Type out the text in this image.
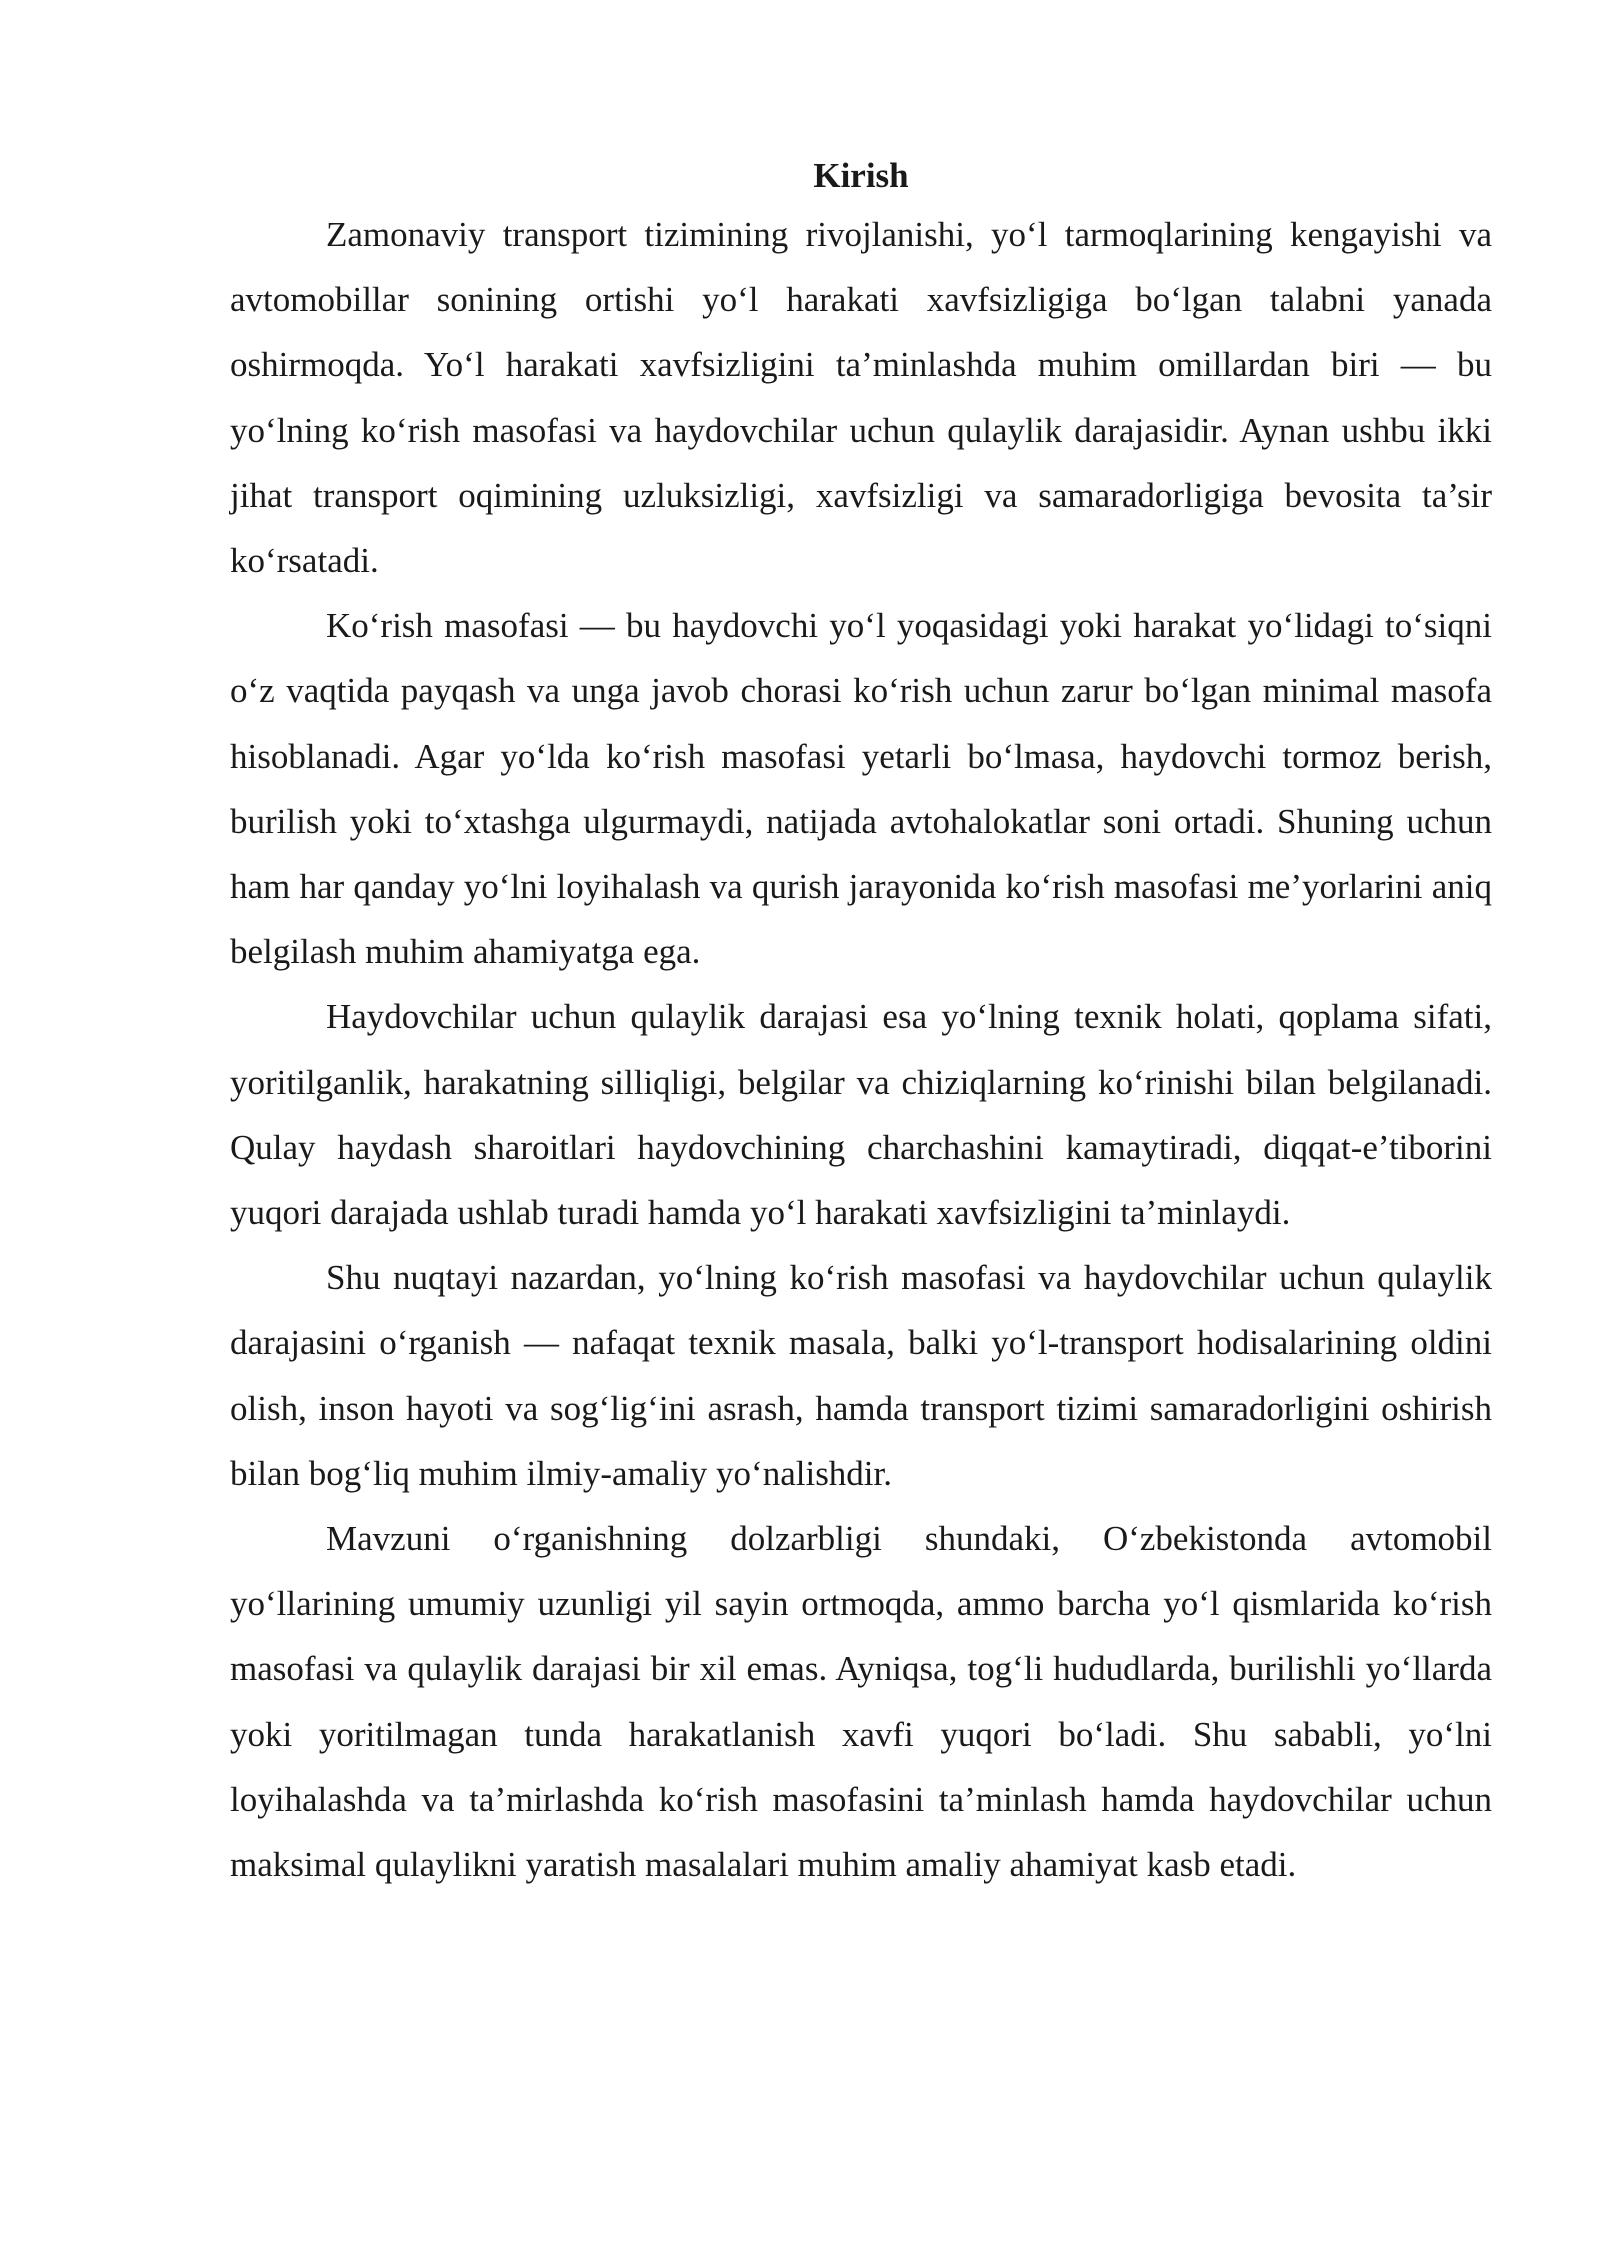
Kirish

Zamonaviy transport tizimining rivojlanishi, yo‘l tarmoqlarining kengayishi va avtomobillar sonining ortishi yo‘l harakati xavfsizligiga bo‘lgan talabni yanada oshirmoqda. Yo‘l harakati xavfsizligini ta’minlashda muhim omillardan biri — bu yo‘lning ko‘rish masofasi va haydovchilar uchun qulaylik darajasidir. Aynan ushbu ikki jihat transport oqimining uzluksizligi, xavfsizligi va samaradorligiga bevosita ta’sir ko‘rsatadi.

Ko‘rish masofasi — bu haydovchi yo‘l yoqasidagi yoki harakat yo‘lidagi to‘siqni o‘z vaqtida payqash va unga javob chorasi ko‘rish uchun zarur bo‘lgan minimal masofa hisoblanadi. Agar yo‘lda ko‘rish masofasi yetarli bo‘lmasa, haydovchi tormoz berish, burilish yoki to‘xtashga ulgurmaydi, natijada avtohalokatlar soni ortadi. Shuning uchun ham har qanday yo‘lni loyihalash va qurish jarayonida ko‘rish masofasi me’yorlarini aniq belgilash muhim ahamiyatga ega.

Haydovchilar uchun qulaylik darajasi esa yo‘lning texnik holati, qoplama sifati, yoritilganlik, harakatning silliqligi, belgilar va chiziqlarning ko‘rinishi bilan belgilanadi. Qulay haydash sharoitlari haydovchining charchashini kamaytiradi, diqqat-e’tiborini yuqori darajada ushlab turadi hamda yo‘l harakati xavfsizligini ta’minlaydi.

Shu nuqtayi nazardan, yo‘lning ko‘rish masofasi va haydovchilar uchun qulaylik darajasini o‘rganish — nafaqat texnik masala, balki yo‘l-transport hodisalarining oldini olish, inson hayoti va sog‘lig‘ini asrash, hamda transport tizimi samaradorligini oshirish bilan bog‘liq muhim ilmiy-amaliy yo‘nalishdir.

Mavzuni o‘rganishning dolzarbligi shundaki, O‘zbekistonda avtomobil yo‘llarining umumiy uzunligi yil sayin ortmoqda, ammo barcha yo‘l qismlarida ko‘rish masofasi va qulaylik darajasi bir xil emas. Ayniqsa, tog‘li hududlarda, burilishli yo‘llarda yoki yoritilmagan tunda harakatlanish xavfi yuqori bo‘ladi. Shu sababli, yo‘lni loyihalashda va ta’mirlashda ko‘rish masofasini ta’minlash hamda haydovchilar uchun maksimal qulaylikni yaratish masalalari muhim amaliy ahamiyat kasb etadi.
